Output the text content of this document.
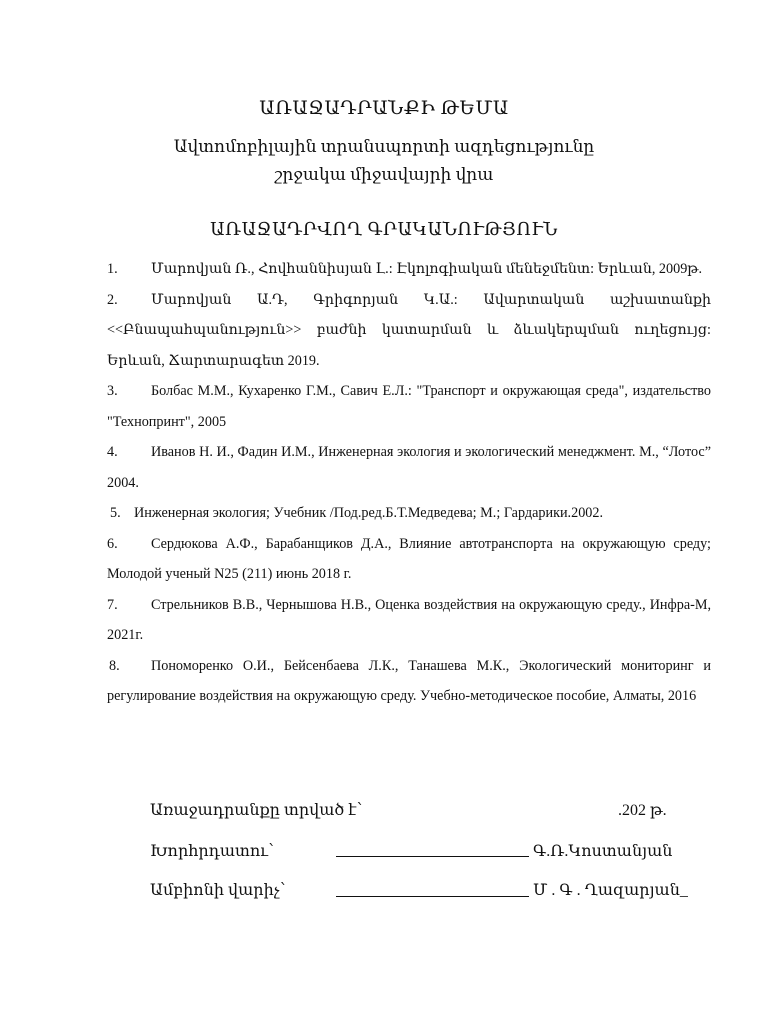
ԱՌԱՋԱԴՐԱՆՔԻ ԹԵՄԱ
Ավտոմոբիլային տրանսպորտի ազդեցությունը
շրջակա միջավայրի վրա
ԱՌԱՋԱԴՐՎՈՂ ԳՐԱԿԱՆՈՒԹՅՈՒՆ
1. Մարովյան Ռ., Հովհաննիսյան Լ.: Էկոլոգիական մենեջմենտ: Երևան, 2009թ.
2. Մարովյան Ա.Դ, Գրիգորյան Կ.Ա.: Ավարտական աշխատանքի <<Բնապահպանություն>> բաժնի կատարման և ձևակերպման ուղեցույց: Երևան, Ճարտարագետ 2019.
3. Болбас М.М., Кухаренко Г.М., Савич Е.Л.: "Транспорт и окружающая среда", издательство "Технопринт", 2005
4. Иванов Н. И., Фадин И.М., Инженерная экология и экологический менеджмент. М., “Лотос” 2004.
5. Инженерная экология; Учебник /Под.ред.Б.Т.Медведева; М.; Гардарики.2002.
6. Сердюкова А.Ф., Барабанщиков Д.А., Влияние автотранспорта на окружающую среду; Молодой ученый N25 (211) июнь 2018 г.
7. Стрельников В.В., Чернышова Н.В., Оценка воздействия на окружающую среду., Инфра-М, 2021г.
8. Пономоренко О.И., Бейсенбаева Л.К., Танашева М.К., Экологический мониторинг и регулирование воздействия на окружающую среду. Учебно-методическое пособие, Алматы, 2016
Առաջադրանքը տրված է՝	.202 թ.
Խորհրդատու՝	Գ.Ռ.Կոստանյան
Ամբիոնի վարիչ՝	Մ . Գ . Ղազարյան_
